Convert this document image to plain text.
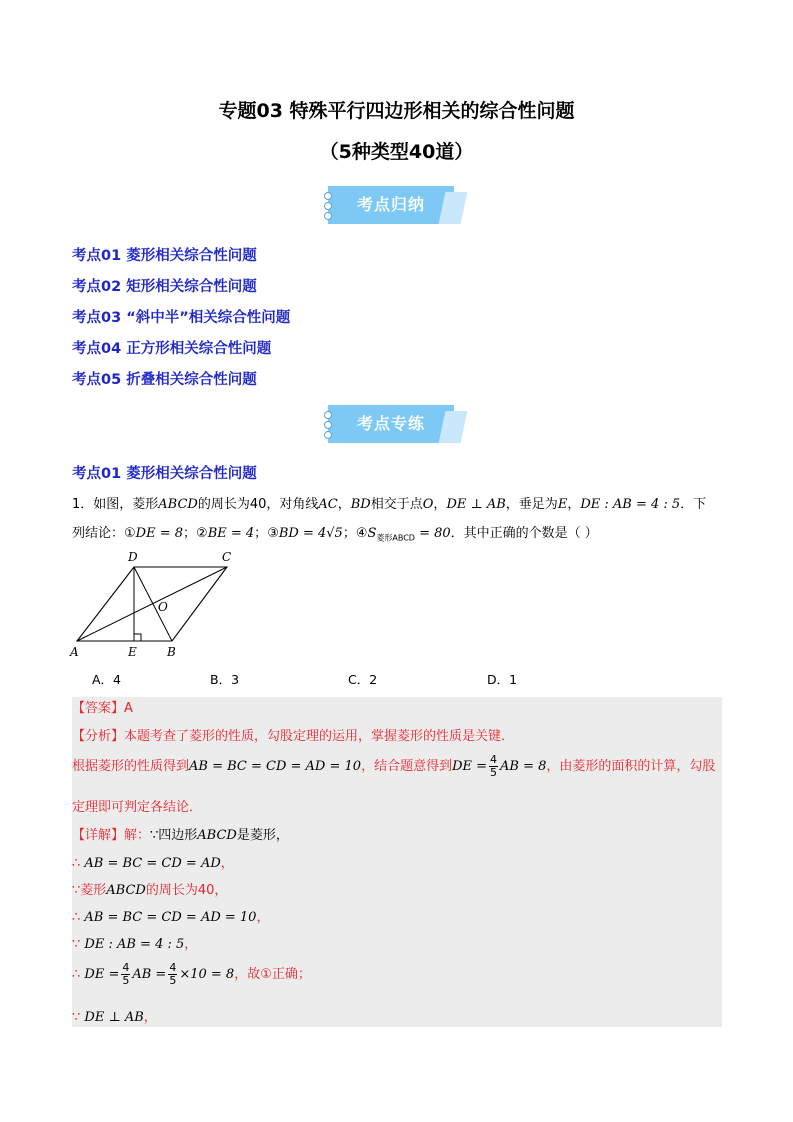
专题03 特殊平行四边形相关的综合性问题
（5种类型40道）
考点归纳
考点01 菱形相关综合性问题
考点02 矩形相关综合性问题
考点03 “斜中半”相关综合性问题
考点04 正方形相关综合性问题
考点05 折叠相关综合性问题
考点专练
考点01 菱形相关综合性问题
1．如图，菱形ABCD的周长为40，对角线AC，BD相交于点O，DE ⊥ AB，垂足为E，DE : AB = 4 : 5．下
列结论：①DE = 8；②BE = 4；③BD = 4√5；$④S_{菱形ABCD} = 80$．其中正确的个数是（ ）
A	E	B
C
D
O
A．4	B．3	C．2	D．1
【答案】A
【分析】本题考查了菱形的性质，勾股定理的运用，掌握菱形的性质是关键．
根据菱形的性质得到AB = BC = CD = AD = 10，结合题意得到DE = $\frac{4}{5}$ AB = 8，由菱形的面积的计算，勾股
定理即可判定各结论．
【详解】解：∵四边形ABCD是菱形，
∴ AB = BC = CD = AD，
∵菱形ABCD的周长为40，
∴ AB = BC = CD = AD = 10，
∵ DE : AB = 4 : 5，
∴ DE = $\frac{4}{5}$ AB = $\frac{4}{5} \times 10 = 8$，故①正确；
∵ DE ⊥ AB，
